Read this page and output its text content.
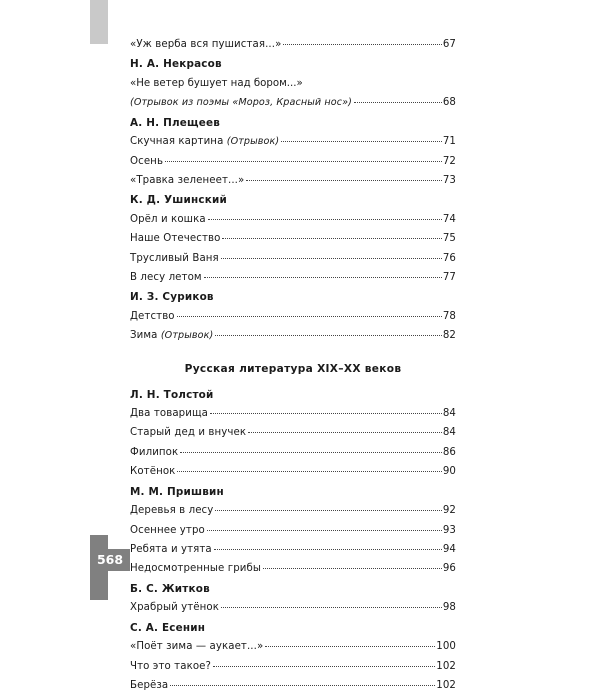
568
«Уж верба вся пушистая...»	67
Н. А. Некрасов
«Не ветер бушует над бором...»
(Отрывок из поэмы «Мороз, Красный нос»)	68
А. Н. Плещеев
Скучная картина (Отрывок)	71
Осень	72
«Травка зеленеет...»	73
К. Д. Ушинский
Орёл и кошка	74
Наше Отечество	75
Трусливый Ваня	76
В лесу летом	77
И. З. Суриков
Детство	78
Зима (Отрывок)	82
Русская литература XIX–XX веков
Л. Н. Толстой
Два товарища	84
Старый дед и внучек	84
Филипок	86
Котёнок	90
М. М. Пришвин
Деревья в лесу	92
Осеннее утро	93
Ребята и утята	94
Недосмотренные грибы	96
Б. С. Житков
Храбрый утёнок	98
С. А. Есенин
«Поёт зима — аукает...»	100
Что это такое?	102
Берёза	102
